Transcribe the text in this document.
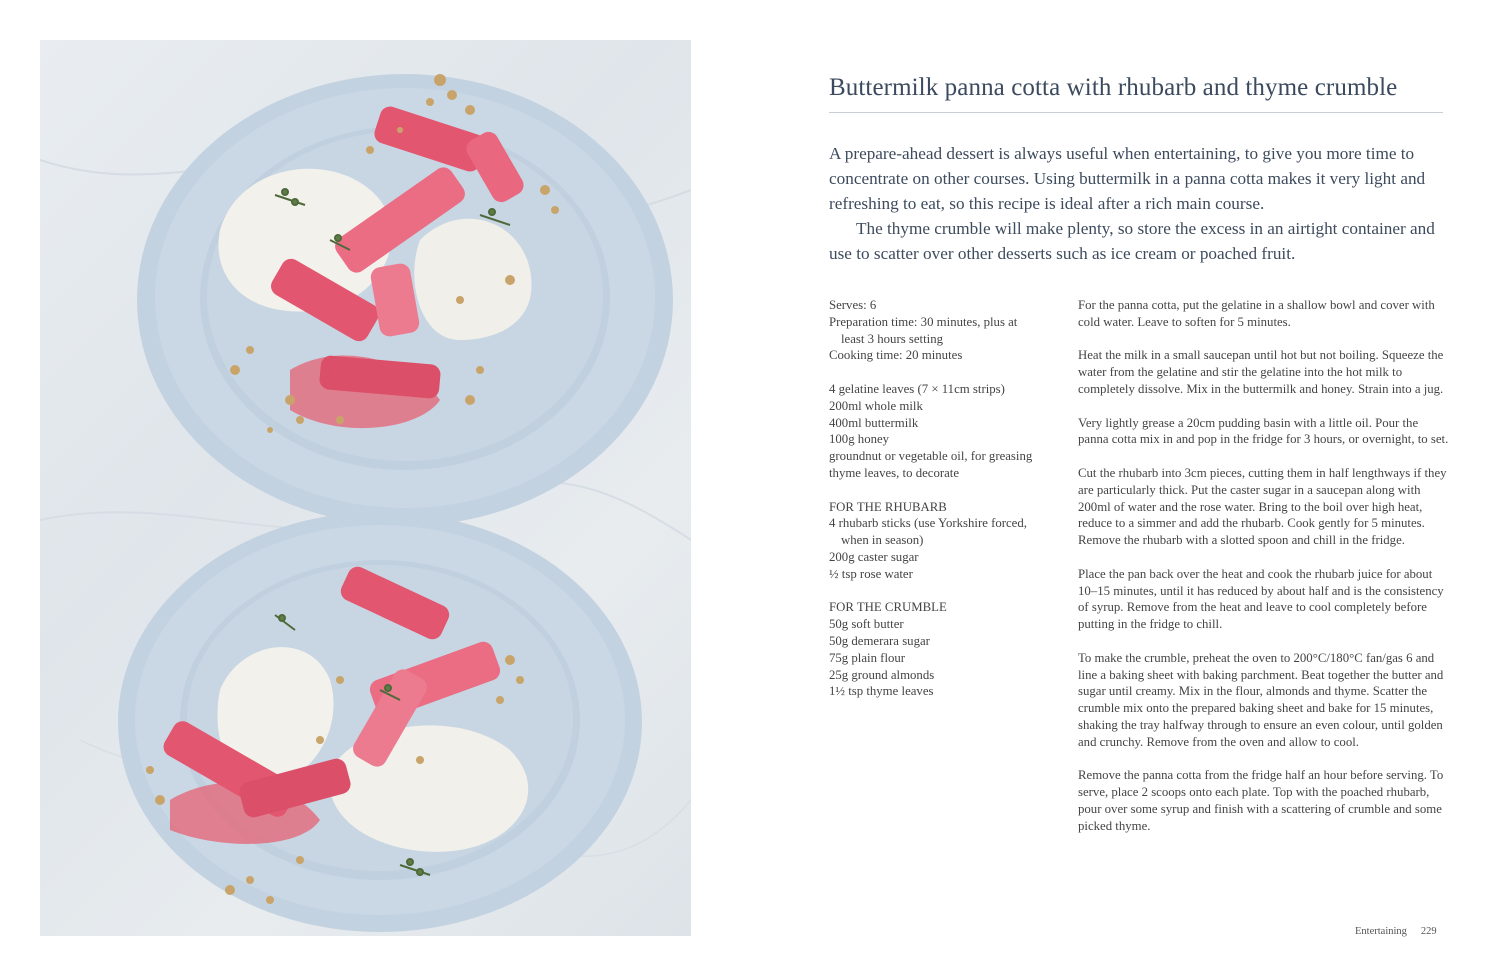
Buttermilk panna cotta with rhubarb and thyme crumble

A prepare-ahead dessert is always useful when entertaining, to give you more time to concentrate on other courses. Using buttermilk in a panna cotta makes it very light and refreshing to eat, so this recipe is ideal after a rich main course.

The thyme crumble will make plenty, so store the excess in an airtight container and use to scatter over other desserts such as ice cream or poached fruit.

Serves: 6
Preparation time: 30 minutes, plus at
least 3 hours setting
Cooking time: 20 minutes
4 gelatine leaves (7 × 11cm strips)
200ml whole milk
400ml buttermilk
100g honey
groundnut or vegetable oil, for greasing
thyme leaves, to decorate
FOR THE RHUBARB
4 rhubarb sticks (use Yorkshire forced,
when in season)
200g caster sugar
½ tsp rose water
FOR THE CRUMBLE
50g soft butter
50g demerara sugar
75g plain flour
25g ground almonds
1½ tsp thyme leaves

For the panna cotta, put the gelatine in a shallow bowl and cover with cold water. Leave to soften for 5 minutes.

Heat the milk in a small saucepan until hot but not boiling. Squeeze the water from the gelatine and stir the gelatine into the hot milk to completely dissolve. Mix in the buttermilk and honey. Strain into a jug.

Very lightly grease a 20cm pudding basin with a little oil. Pour the panna cotta mix in and pop in the fridge for 3 hours, or overnight, to set.

Cut the rhubarb into 3cm pieces, cutting them in half lengthways if they are particularly thick. Put the caster sugar in a saucepan along with 200ml of water and the rose water. Bring to the boil over high heat, reduce to a simmer and add the rhubarb. Cook gently for 5 minutes. Remove the rhubarb with a slotted spoon and chill in the fridge.

Place the pan back over the heat and cook the rhubarb juice for about 10–15 minutes, until it has reduced by about half and is the consistency of syrup. Remove from the heat and leave to cool completely before putting in the fridge to chill.

To make the crumble, preheat the oven to 200°C/180°C fan/gas 6 and line a baking sheet with baking parchment. Beat together the butter and sugar until creamy. Mix in the flour, almonds and thyme. Scatter the crumble mix onto the prepared baking sheet and bake for 15 minutes, shaking the tray halfway through to ensure an even colour, until golden and crunchy. Remove from the oven and allow to cool.

Remove the panna cotta from the fridge half an hour before serving. To serve, place 2 scoops onto each plate. Top with the poached rhubarb, pour over some syrup and finish with a scattering of crumble and some picked thyme.

Entertaining 229
